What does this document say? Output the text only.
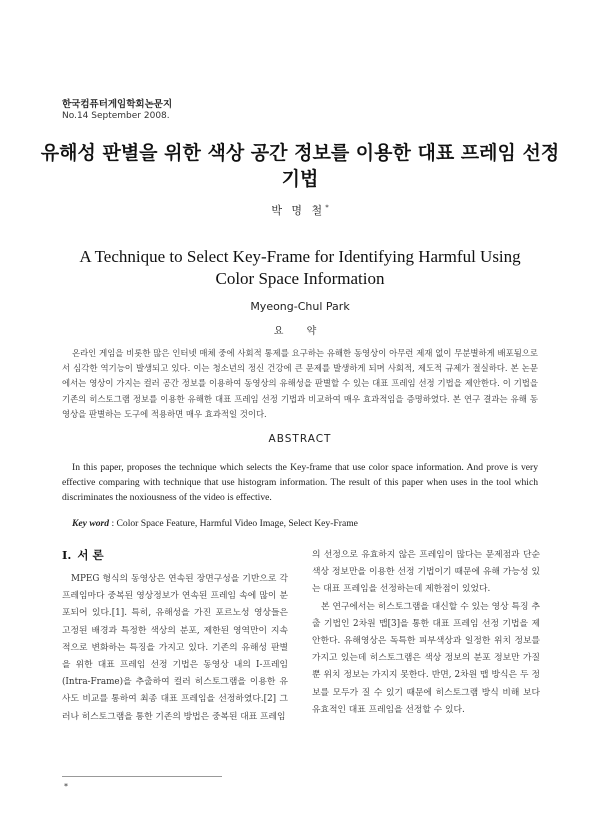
한국컴퓨터게임학회논문지
No.14 September 2008.
유해성 판별을 위한 색상 공간 정보를 이용한 대표 프레임 선정 기법
박 명 철*
A Technique to Select Key-Frame for Identifying Harmful Using Color Space Information
Myeong-Chul Park
요 약

온라인 게임을 비롯한 많은 인터넷 매체 중에 사회적 통제를 요구하는 유해한 동영상이 아무런 제재 없이 무분별하게 배포됨으로서 심각한 역기능이 발생되고 있다. 이는 청소년의 정신 건강에 큰 문제를 발생하게 되며 사회적, 제도적 규제가 절실하다. 본 논문에서는 영상이 가지는 컬러 공간 정보를 이용하여 동영상의 유해성을 판별할 수 있는 대표 프레임 선정 기법을 제안한다. 이 기법을 기존의 히스토그램 정보를 이용한 유해한 대표 프레임 선정 기법과 비교하여 매우 효과적임을 증명하였다. 본 연구 결과는 유해 동영상을 판별하는 도구에 적용하면 매우 효과적일 것이다.

ABSTRACT

In this paper, proposes the technique which selects the Key-frame that use color space information. And prove is very effective comparing with technique that use histogram information. The result of this paper when uses in the tool which discriminates the noxiousness of the video is effective.

Key word : Color Space Feature, Harmful Video Image, Select Key-Frame
Ⅰ. 서 론

MPEG 형식의 동영상은 연속된 장면구성을 기반으로 각 프레임마다 중복된 영상정보가 연속된 프레임 속에 많이 분포되어 있다.[1]. 특히, 유해성을 가진 포르노성 영상들은 고정된 배경과 특정한 색상의 분포, 제한된 영역만이 지속적으로 변화하는 특징을 가지고 있다. 기존의 유해성 판별을 위한 대표 프레임 선정 기법은 동영상 내의 I-프레임 (Intra-Frame)을 추출하여 컬러 히스토그램을 이용한 유사도 비교를 통하여 최종 대표 프레임을 선정하였다.[2] 그러나 히스토그램을 통한 기존의 방법은 중복된 대표 프레임

의 선정으로 유효하지 않은 프레임이 많다는 문제점과 단순 색상 정보만을 이용한 선정 기법이기 때문에 유해 가능성 있는 대표 프레임을 선정하는데 제한점이 있었다.

본 연구에서는 히스토그램을 대신할 수 있는 영상 특징 추출 기법인 2차원 맵[3]을 통한 대표 프레임 선정 기법을 제안한다. 유해영상은 독특한 피부색상과 일정한 위치 정보를 가지고 있는데 히스토그램은 색상 정보의 분포 정보만 가질 뿐 위치 정보는 가지지 못한다. 반면, 2차원 맵 방식은 두 정보를 모두가 질 수 있기 때문에 히스토그램 방식 비해 보다 유효적인 대표 프레임을 선정할 수 있다.

*
